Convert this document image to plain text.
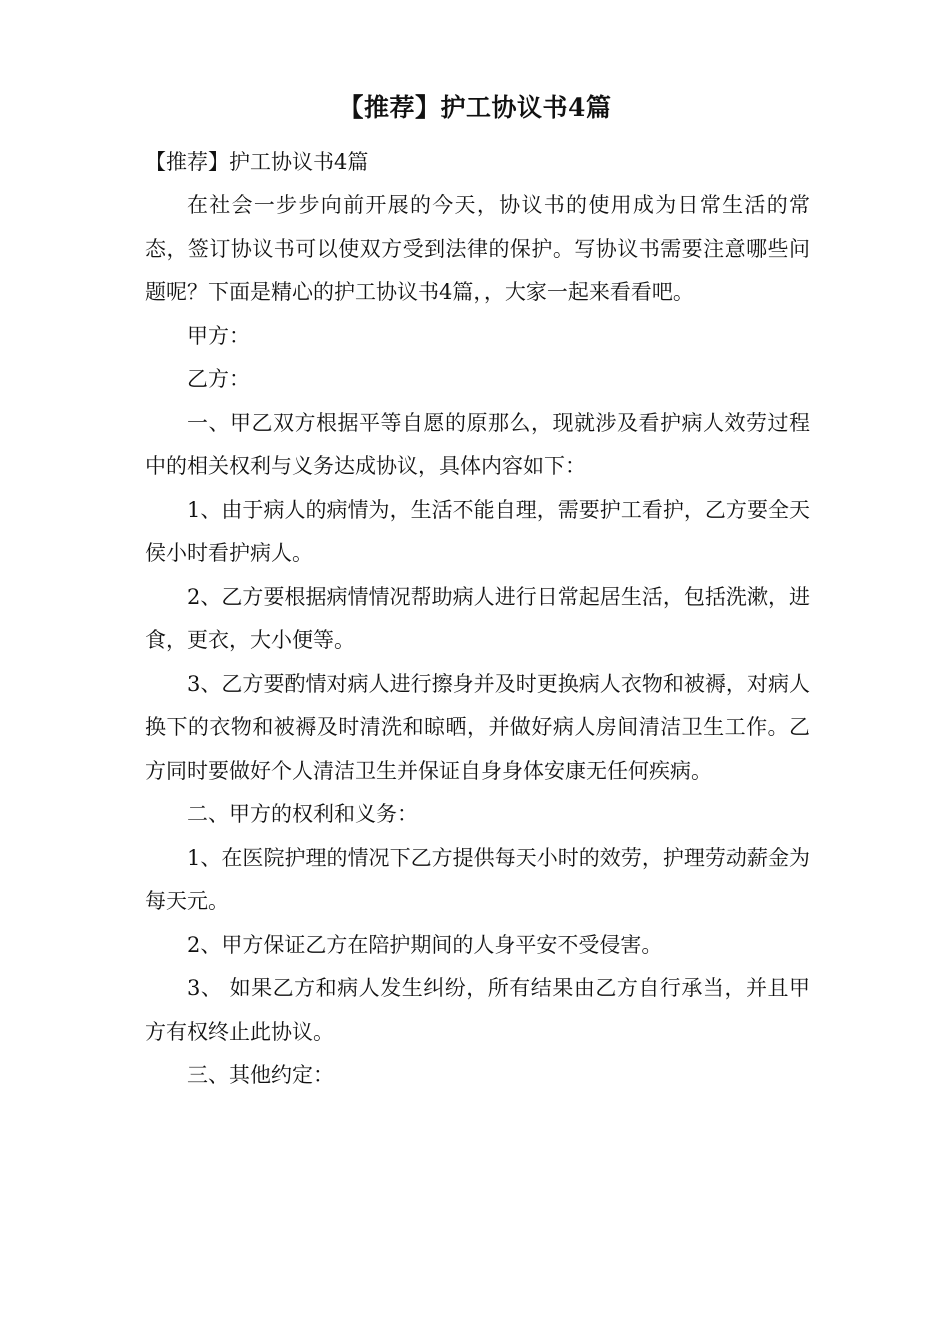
【推荐】护工协议书4篇
【推荐】护工协议书4篇

在社会一步步向前开展的今天，协议书的使用成为日常生活的常态，签订协议书可以使双方受到法律的保护。写协议书需要注意哪些问题呢？下面是精心的护工协议书4篇，，大家一起来看看吧。

甲方：

乙方：

一、甲乙双方根据平等自愿的原那么，现就涉及看护病人效劳过程中的相关权利与义务达成协议，具体内容如下：

1、由于病人的病情为，生活不能自理，需要护工看护，乙方要全天侯小时看护病人。

2、乙方要根据病情情况帮助病人进行日常起居生活，包括洗漱，进食，更衣，大小便等。

3、乙方要酌情对病人进行擦身并及时更换病人衣物和被褥，对病人换下的衣物和被褥及时清洗和晾晒，并做好病人房间清洁卫生工作。乙方同时要做好个人清洁卫生并保证自身身体安康无任何疾病。

二、甲方的权利和义务：

1、在医院护理的情况下乙方提供每天小时的效劳，护理劳动薪金为每天元。

2、甲方保证乙方在陪护期间的人身平安不受侵害。

3、 如果乙方和病人发生纠纷，所有结果由乙方自行承当，并且甲方有权终止此协议。

三、其他约定：
